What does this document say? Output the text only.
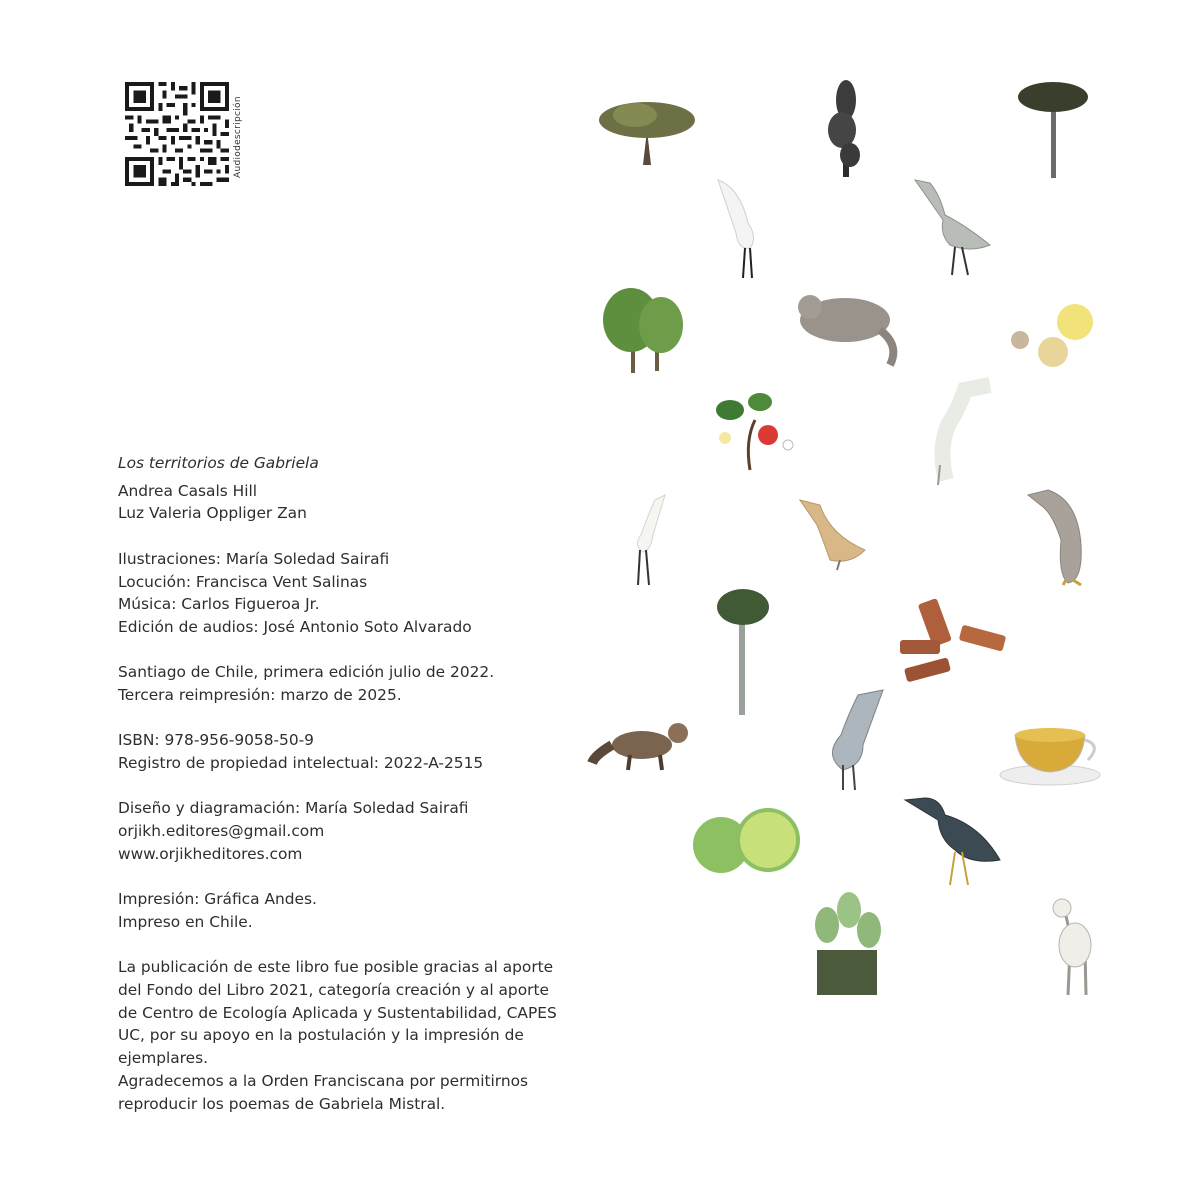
Audiodescripción

Los territorios de Gabriela

Andrea Casals Hill

Luz Valeria Oppliger Zan

Ilustraciones: María Soledad Sairafi

Locución: Francisca Vent Salinas

Música: Carlos Figueroa Jr.

Edición de audios: José Antonio Soto Alvarado

Santiago de Chile, primera edición julio de 2022.

Tercera reimpresión: marzo de 2025.

ISBN: 978-956-9058-50-9

Registro de propiedad intelectual: 2022-A-2515

Diseño y diagramación: María Soledad Sairafi

orjikh.editores@gmail.com

www.orjikheditores.com

Impresión: Gráfica Andes.

Impreso en Chile.

La publicación de este libro fue posible gracias al aporte

del Fondo del Libro 2021, categoría creación y al aporte

de Centro de Ecología Aplicada y Sustentabilidad, CAPES

UC, por su apoyo en la postulación y la impresión de

ejemplares.

Agradecemos a la Orden Franciscana por permitirnos

reproducir los poemas de Gabriela Mistral.
